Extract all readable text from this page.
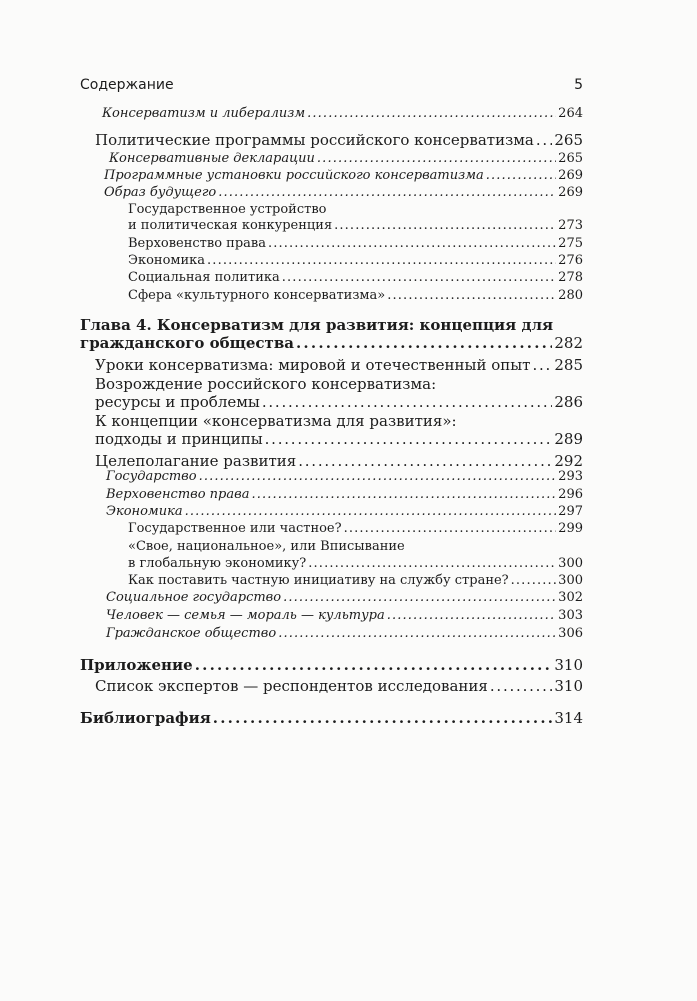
Содержание	5
Консерватизм и либерализм . . .	264
Политические программы российского консерватизма . . . 265
Консервативные декларации . . .	265
Программные установки российского консерватизма . . .	269
Образ будущего . . .	269
Государственное устройство
и политическая конкуренция . . .	273
Верховенство права . . .	275
Экономика . . .	276
Социальная политика . . .	278
Сфера «культурного консерватизма» . . .	280
Глава 4. Консерватизм для развития: концепция для
гражданского общества . . .	282
Уроки консерватизма: мировой и отечественный опыт . . . 285
Возрождение российского консерватизма:
ресурсы и проблемы . . .	286
К концепции «консерватизма для развития»:
подходы и принципы . . .	289
Целеполагание развития . . .	292
Государство . . .	293
Верховенство права . . .	296
Экономика . . .	297
Государственное или частное? . . .	299
«Свое, национальное», или Вписывание
в глобальную экономику? . . .	300
Как поставить частную инициативу на службу стране? . . .	300
Социальное государство . . .	302
Человек — семья — мораль — культура . . .	303
Гражданское общество . . .	306
Приложение . . .	310
Список экспертов — респондентов исследования . . .	310
Библиография . . .	314
